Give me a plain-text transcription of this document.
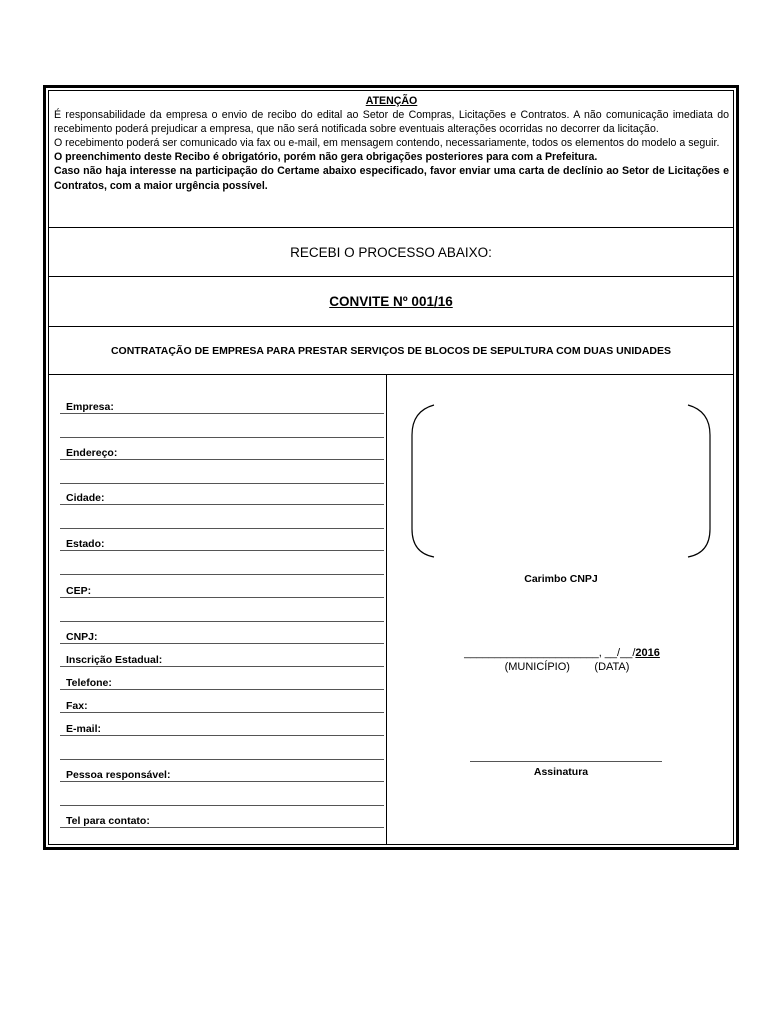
ATENÇÃO

É responsabilidade da empresa o envio de recibo do edital ao Setor de Compras, Licitações e Contratos. A não comunicação imediata do recebimento poderá prejudicar a empresa, que não será notificada sobre eventuais alterações ocorridas no decorrer da licitação.

O recebimento poderá ser comunicado via fax ou e-mail, em mensagem contendo, necessariamente, todos os elementos do modelo a seguir.

O preenchimento deste Recibo é obrigatório, porém não gera obrigações posteriores para com a Prefeitura.

Caso não haja interesse na participação do Certame abaixo especificado, favor enviar uma carta de declínio ao Setor de Licitações e Contratos, com a maior urgência possível.

RECEBI O PROCESSO ABAIXO:
CONVITE Nº 001/16
CONTRATAÇÃO DE EMPRESA PARA PRESTAR SERVIÇOS DE BLOCOS DE SEPULTURA COM DUAS UNIDADES
Empresa:
Endereço:
Cidade:
Estado:
CEP:
CNPJ:
Inscrição Estadual:
Telefone:
Fax:
E-mail:
Pessoa responsável:
Tel para contato:
Carimbo CNPJ
______________________, __/__/2016
(MUNICÍPIO) (DATA)
Assinatura
